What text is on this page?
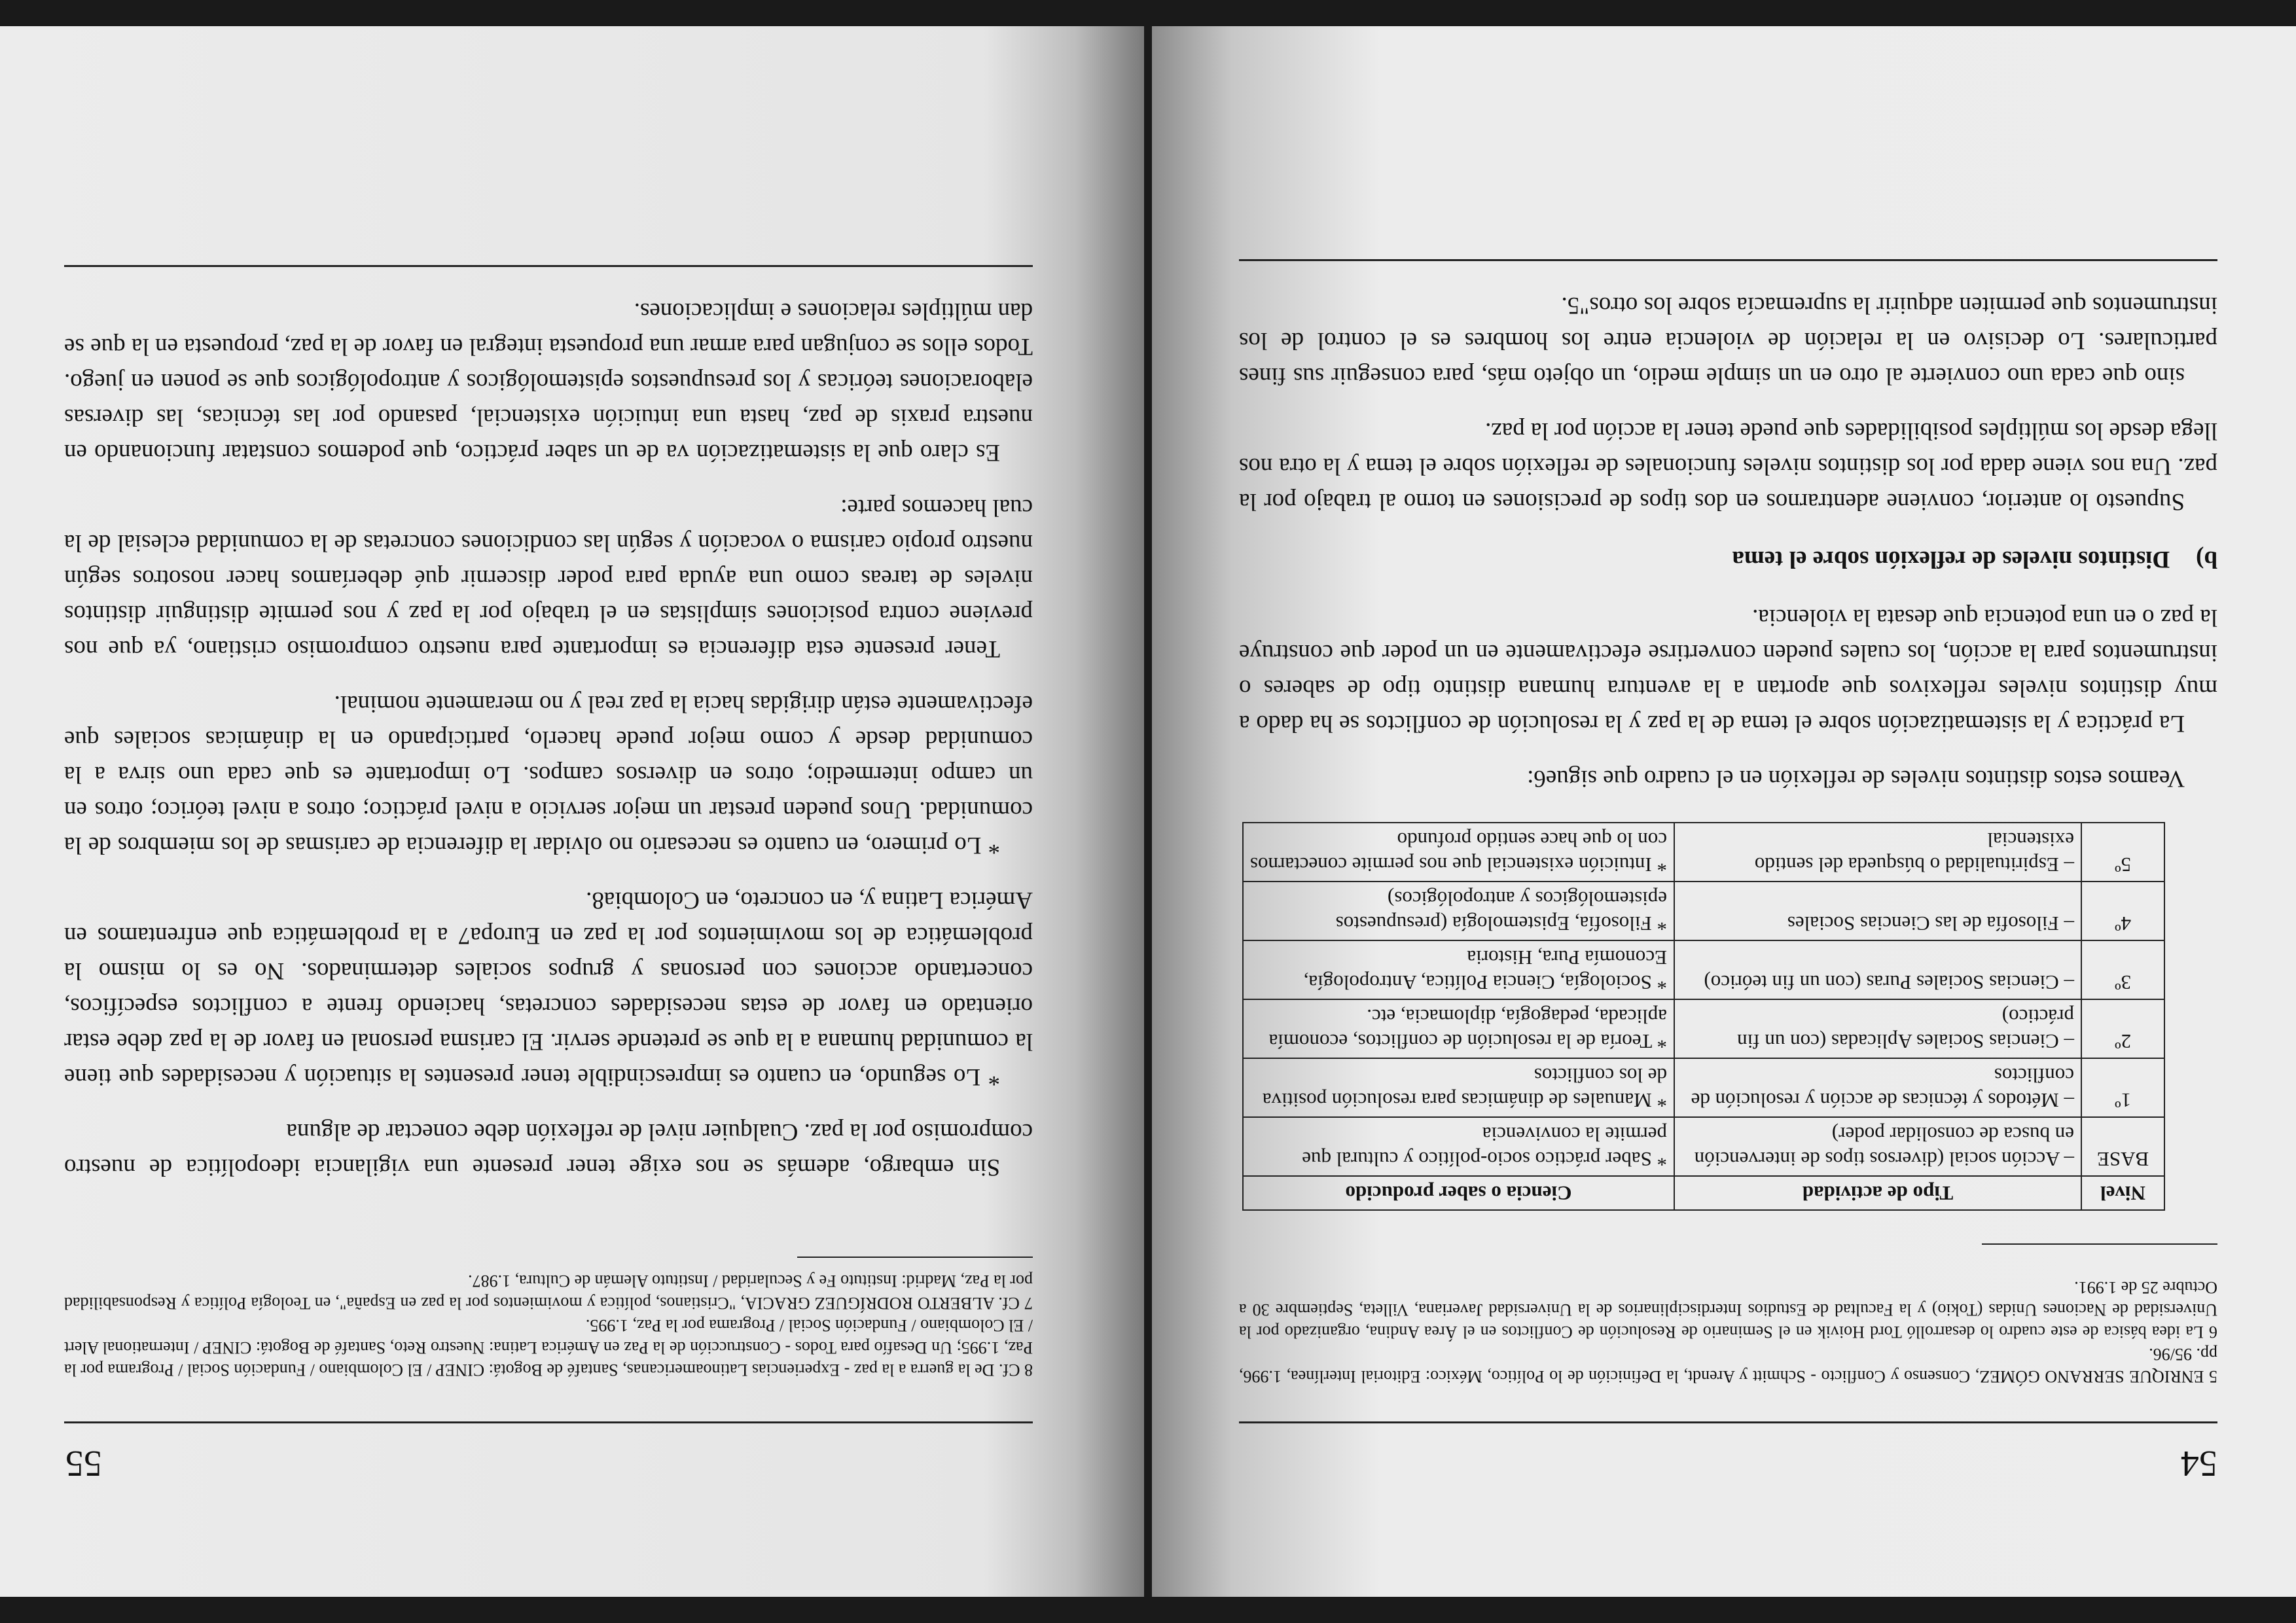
54

5 ENRIQUE SERRANO GÓMEZ, Consenso y Conflicto - Schmitt y Arendt, la Definición de lo Político, México: Editorial Interlínea, 1.996, pp. 95/96.

6 La idea básica de este cuadro lo desarrolló Tord Hoivik en el Seminario de Resolución de Conflictos en el Área Andina, organizado por la Universidad de Naciones Unidas (Tokio) y la Facultad de Estudios Interdisciplinarios de la Universidad Javeriana, Villeta, Septiembre 30 a Octubre 25 de 1.991.

Nivel	Tipo de actividad	Ciencia o saber producido
BASE	– Acción social (diversos tipos de intervención en busca de consolidar poder)	* Saber práctico socio-político y cultural que permite la convivencia
1º	– Métodos y técnicas de acción y resolución de conflictos	* Manuales de dinámicas para resolución positiva de los conflictos
2º	– Ciencias Sociales Aplicadas (con un fin práctico)	* Teoría de la resolución de conflictos, economía aplicada, pedagogía, diplomacia, etc.
3º	– Ciencias Sociales Puras (con un fin teórico)	* Sociología, Ciencia Política, Antropología, Economía Pura, Historia
4º	– Filosofía de las Ciencias Sociales	* Filosofía, Epistemología (presupuestos epistemológicos y antropológicos)
5º	– Espiritualidad o búsqueda del sentido existencial	* Intuición existencial que nos permite conectarnos con lo que hace sentido profundo

Veamos estos distintos niveles de reflexión en el cuadro que sigue6:

La práctica y la sistematización sobre el tema de la paz y la resolución de conflictos se ha dado a muy distintos niveles reflexivos que aportan a la aventura humana distinto tipo de saberes o instrumentos para la acción, los cuales pueden convertirse efectivamente en un poder que construye la paz o en una potencia que desata la violencia.

b)
Distintos niveles de reflexión sobre el tema

Supuesto lo anterior, conviene adentrarnos en dos tipos de precisiones en torno al trabajo por la paz. Una nos viene dada por los distintos niveles funcionales de reflexión sobre el tema y la otra nos llega desde los múltiples posibilidades que puede tener la acción por la paz.

sino que cada uno convierte al otro en un simple medio, un objeto más, para conseguir sus fines particulares. Lo decisivo en la relación de violencia entre los hombres es el control de los instrumentos que permiten adquirir la supremacía sobre los otros"5.

55

8 Cf. De la guerra a la paz - Experiencias Latinoamericanas, Santafé de Bogotá: CINEP / El Colombiano / Fundación Social / Programa por la Paz, 1.995; Un Desafío para Todos - Construcción de la Paz en América Latina: Nuestro Reto, Santafé de Bogotá: CINEP / International Alert / El Colombiano / Fundación Social / Programa por la Paz, 1.995.

7 Cf. ALBERTO RODRÍGUEZ GRACIA, "Cristianos, política y movimientos por la paz en España", en Teología Política y Responsabilidad por la Paz, Madrid: Instituto Fe y Secularidad / Instituto Alemán de Cultura, 1.987.

Sin embargo, además se nos exige tener presente una vigilancia ideopolítica de nuestro compromiso por la paz. Cualquier nivel de reflexión debe conectar de alguna

* Lo segundo, en cuanto es imprescindible tener presentes la situación y necesidades que tiene la comunidad humana a la que se pretende servir. El carisma personal en favor de la paz debe estar orientado en favor de estas necesidades concretas, haciendo frente a conflictos específicos, concertando acciones con personas y grupos sociales determinados. No es lo mismo la problemática de los movimientos por la paz en Europa7 a la problemática que enfrentamos en América Latina y, en concreto, en Colombia8.

* Lo primero, en cuanto es necesario no olvidar la diferencia de carismas de los miembros de la comunidad. Unos pueden prestar un mejor servicio a nivel práctico; otros a nivel teórico; otros en un campo intermedio; otros en diversos campos. Lo importante es que cada uno sirva a la comunidad desde y como mejor puede hacerlo, participando en la dinámicas sociales que efectivamente están dirigidas hacia la paz real y no meramente nominal.

Tener presente esta diferencia es importante para nuestro compromiso cristiano, ya que nos previene contra posiciones simplistas en el trabajo por la paz y nos permite distinguir distintos niveles de tareas como una ayuda para poder discernir qué deberíamos hacer nosotros según nuestro propio carisma o vocación y según las condiciones concretas de la comunidad eclesial de la cual hacemos parte:

Es claro que la sistematización va de un saber práctico, que podemos constatar funcionando en nuestra praxis de paz, hasta una intuición existencial, pasando por las técnicas, las diversas elaboraciones teóricas y los presupuestos epistemológicos y antropológicos que se ponen en juego. Todos ellos se conjugan para armar una propuesta integral en favor de la paz, propuesta en la que se dan múltiples relaciones e implicaciones.
